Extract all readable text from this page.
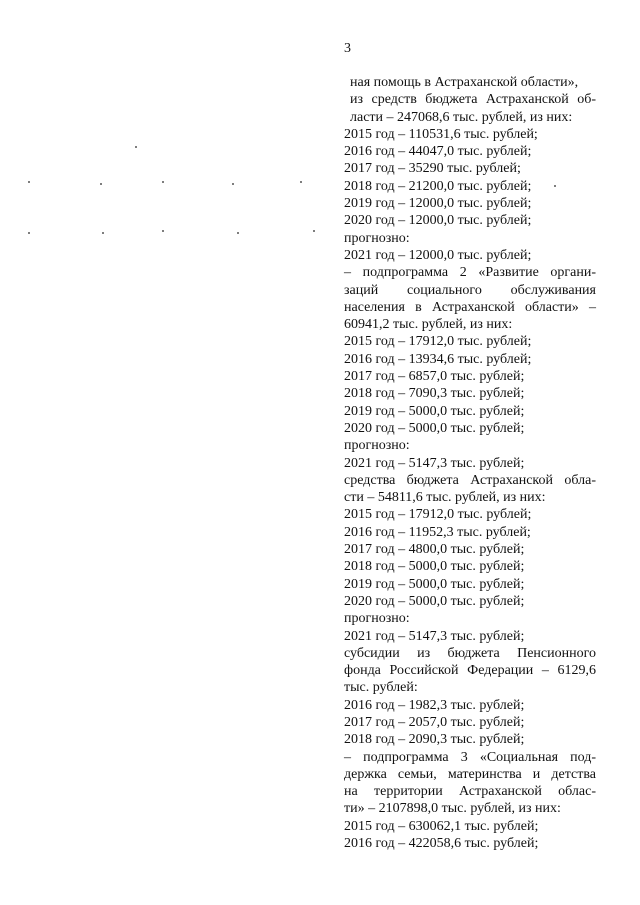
3
ная помощь в Астраханской области»,
из средств бюджета Астраханской об-
ласти – 247068,6 тыс. рублей, из них:
2015 год – 110531,6 тыс. рублей;
2016 год – 44047,0 тыс. рублей;
2017 год – 35290 тыс. рублей;
2018 год – 21200,0 тыс. рублей;
2019 год – 12000,0 тыс. рублей;
2020 год – 12000,0 тыс. рублей;
прогнозно:
2021 год – 12000,0 тыс. рублей;
– подпрограмма 2 «Развитие органи-
заций социального обслуживания
населения в Астраханской области» –
60941,2 тыс. рублей, из них:
2015 год – 17912,0 тыс. рублей;
2016 год – 13934,6 тыс. рублей;
2017 год – 6857,0 тыс. рублей;
2018 год – 7090,3 тыс. рублей;
2019 год – 5000,0 тыс. рублей;
2020 год – 5000,0 тыс. рублей;
прогнозно:
2021 год – 5147,3 тыс. рублей;
средства бюджета Астраханской обла-
сти – 54811,6 тыс. рублей, из них:
2015 год – 17912,0 тыс. рублей;
2016 год – 11952,3 тыс. рублей;
2017 год – 4800,0 тыс. рублей;
2018 год – 5000,0 тыс. рублей;
2019 год – 5000,0 тыс. рублей;
2020 год – 5000,0 тыс. рублей;
прогнозно:
2021 год – 5147,3 тыс. рублей;
субсидии из бюджета Пенсионного
фонда Российской Федерации – 6129,6
тыс. рублей:
2016 год – 1982,3 тыс. рублей;
2017 год – 2057,0 тыс. рублей;
2018 год – 2090,3 тыс. рублей;
– подпрограмма 3 «Социальная под-
держка семьи, материнства и детства
на территории Астраханской облас-
ти» – 2107898,0 тыс. рублей, из них:
2015 год – 630062,1 тыс. рублей;
2016 год – 422058,6 тыс. рублей;
